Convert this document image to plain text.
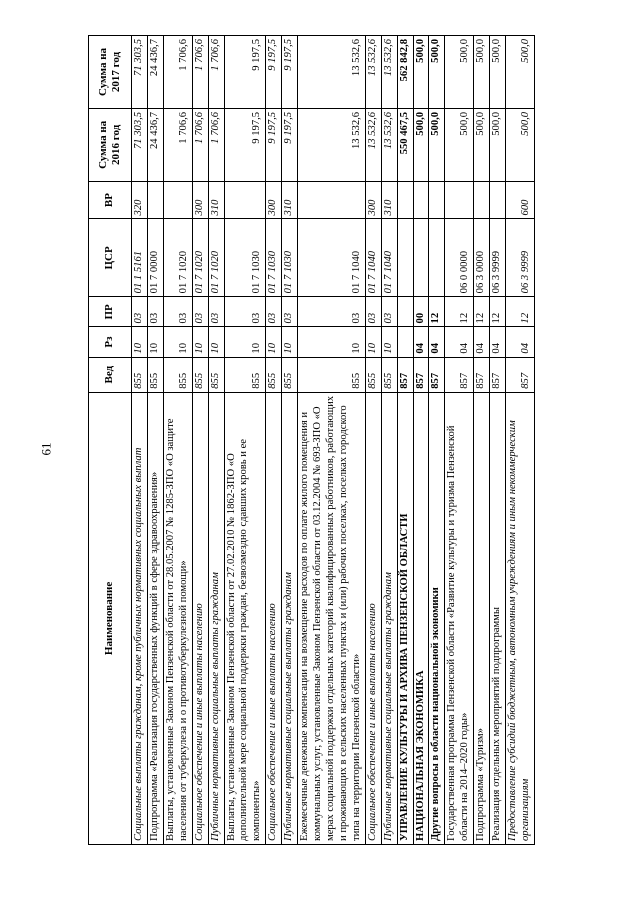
61
Наименование	Вед	Рз	ПР	ЦСР	ВР	Сумма на 2016 год	Сумма на 2017 год
Социальные выплаты гражданам, кроме публичных нормативных социальных выплат	855	10	03	01 1 5161	320	71 303,5	71 303,5
Подпрограмма «Реализация государственных функций в сфере здравоохранения»	855	10	03	01 7 0000		24 436,7	24 436,7
Выплаты, установленные Законом Пензенской области от 28.05.2007 № 1285-ЗПО «О защите населения от туберкулеза и о противотуберкулезной помощи»	855	10	03	01 7 1020		1 706,6	1 706,6
Социальное обеспечение и иные выплаты населению	855	10	03	01 7 1020	300	1 706,6	1 706,6
Публичные нормативные социальные выплаты гражданам	855	10	03	01 7 1020	310	1 706,6	1 706,6
Выплаты, установленные Законом Пензенской области от 27.02.2010 № 1862-ЗПО «О дополнительной мере социальной поддержки граждан, безвозмездно сдавших кровь и ее компоненты»	855	10	03	01 7 1030		9 197,5	9 197,5
Социальное обеспечение и иные выплаты населению	855	10	03	01 7 1030	300	9 197,5	9 197,5
Публичные нормативные социальные выплаты гражданам	855	10	03	01 7 1030	310	9 197,5	9 197,5
Ежемесячные денежные компенсации на возмещение расходов по оплате жилого помещения и коммунальных услуг, установленные Законом Пензенской области от 03.12.2004 № 693-ЗПО «О мерах социальной поддержки отдельных категорий квалифицированных работников, работающих и проживающих в сельских населенных пунктах и (или) рабочих поселках, поселках городского типа на территории Пензенской области»	855	10	03	01 7 1040		13 532,6	13 532,6
Социальное обеспечение и иные выплаты населению	855	10	03	01 7 1040	300	13 532,6	13 532,6
Публичные нормативные социальные выплаты гражданам	855	10	03	01 7 1040	310	13 532,6	13 532,6
УПРАВЛЕНИЕ КУЛЬТУРЫ И АРХИВА ПЕНЗЕНСКОЙ ОБЛАСТИ	857					550 467,5	562 842,8
НАЦИОНАЛЬНАЯ ЭКОНОМИКА	857	04	00			500,0	500,0
Другие вопросы в области национальной экономики	857	04	12			500,0	500,0
Государственная программа Пензенской области «Развитие культуры и туризма Пензенской области на 2014–2020 годы»	857	04	12	06 0 0000		500,0	500,0
Подпрограмма «Туризм»	857	04	12	06 3 0000		500,0	500,0
Реализация отдельных мероприятий подпрограммы	857	04	12	06 3 9999		500,0	500,0
Предоставление субсидий бюджетным, автономным учреждениям и иным некоммерческим организациям	857	04	12	06 3 9999	600	500,0	500,0
